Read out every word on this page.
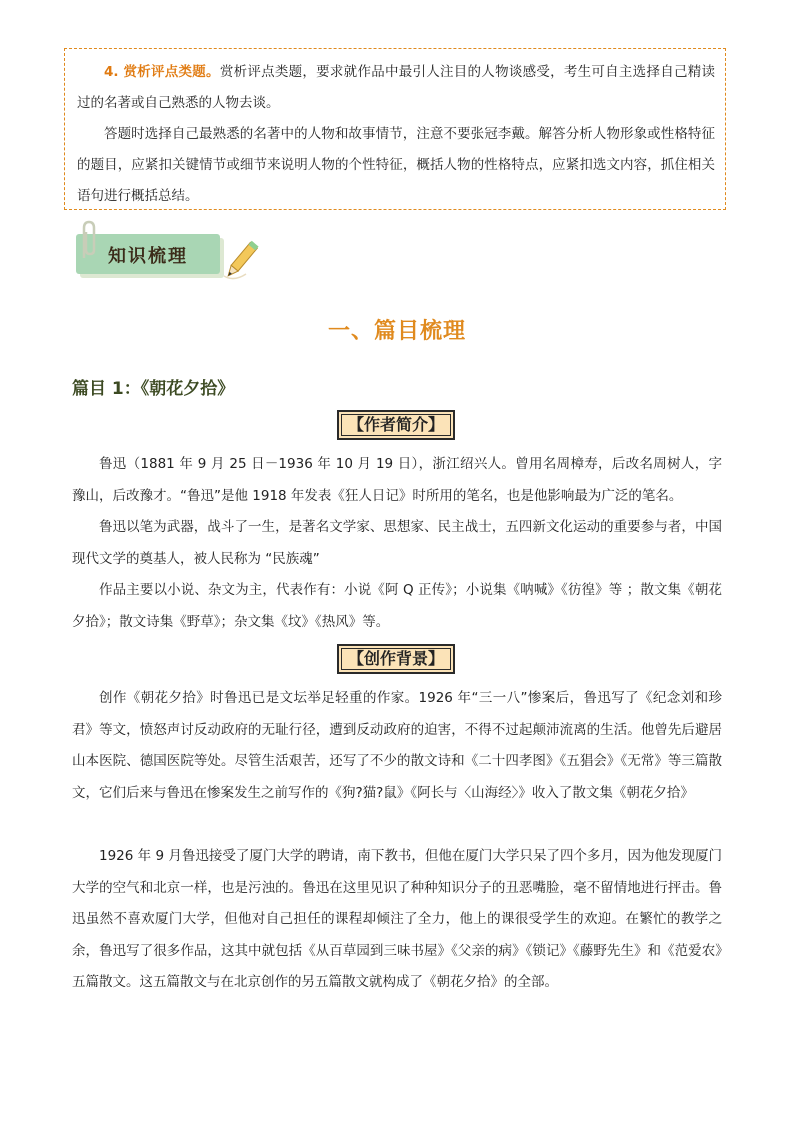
4. 赏析评点类题。赏析评点类题，要求就作品中最引人注目的人物谈感受，考生可自主选择自己精读过的名著或自己熟悉的人物去谈。

答题时选择自己最熟悉的名著中的人物和故事情节，注意不要张冠李戴。解答分析人物形象或性格特征的题目，应紧扣关键情节或细节来说明人物的个性特征，概括人物的性格特点，应紧扣选文内容，抓住相关语句进行概括总结。

知识梳理
一、篇目梳理
篇目 1：《朝花夕拾》
【作者简介】

鲁迅（1881 年 9 月 25 日－1936 年 10 月 19 日），浙江绍兴人。曾用名周樟寿，后改名周树人，字豫山，后改豫才。“鲁迅”是他 1918 年发表《狂人日记》时所用的笔名，也是他影响最为广泛的笔名。

鲁迅以笔为武器，战斗了一生，是著名文学家、思想家、民主战士，五四新文化运动的重要参与者，中国现代文学的奠基人，被人民称为 “民族魂”

作品主要以小说、杂文为主，代表作有：小说《阿 Q 正传》；小说集《呐喊》《彷徨》等 ；散文集《朝花夕拾》；散文诗集《野草》；杂文集《坟》《热风》等。

【创作背景】

创作《朝花夕拾》时鲁迅已是文坛举足轻重的作家。1926 年“三一八”惨案后，鲁迅写了《纪念刘和珍君》等文，愤怒声讨反动政府的无耻行径，遭到反动政府的迫害，不得不过起颠沛流离的生活。他曾先后避居山本医院、德国医院等处。尽管生活艰苦，还写了不少的散文诗和《二十四孝图》《五猖会》《无常》等三篇散文，它们后来与鲁迅在惨案发生之前写作的《狗?猫?鼠》《阿长与〈山海经〉》收入了散文集《朝花夕拾》

1926 年 9 月鲁迅接受了厦门大学的聘请，南下教书，但他在厦门大学只呆了四个多月，因为他发现厦门大学的空气和北京一样，也是污浊的。鲁迅在这里见识了种种知识分子的丑恶嘴脸，毫不留情地进行抨击。鲁迅虽然不喜欢厦门大学，但他对自己担任的课程却倾注了全力，他上的课很受学生的欢迎。在繁忙的教学之余，鲁迅写了很多作品，这其中就包括《从百草园到三味书屋》《父亲的病》《锁记》《藤野先生》和《范爱农》五篇散文。这五篇散文与在北京创作的另五篇散文就构成了《朝花夕拾》的全部。
